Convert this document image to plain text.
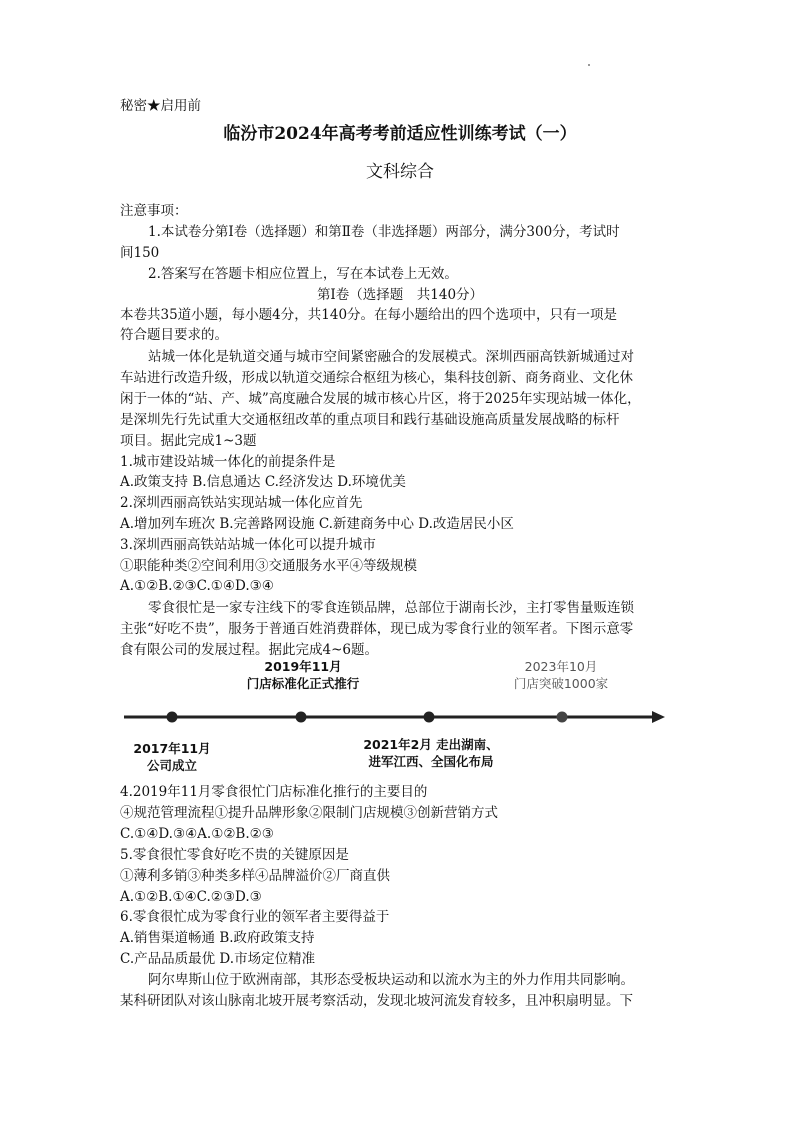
秘密★启用前
临汾市2024年高考考前适应性训练考试（一）
文科综合
注意事项：
1.本试卷分第Ⅰ卷（选择题）和第Ⅱ卷（非选择题）两部分，满分300分，考试时
间150
2.答案写在答题卡相应位置上，写在本试卷上无效。
第Ⅰ卷（选择题　共140分）
本卷共35道小题，每小题4分，共140分。在每小题给出的四个选项中，只有一项是
符合题目要求的。
站城一体化是轨道交通与城市空间紧密融合的发展模式。深圳西丽高铁新城通过对
车站进行改造升级，形成以轨道交通综合枢纽为核心，集科技创新、商务商业、文化休
闲于一体的“站、产、城”高度融合发展的城市核心片区，将于2025年实现站城一体化，
是深圳先行先试重大交通枢纽改革的重点项目和践行基础设施高质量发展战略的标杆
项目。据此完成1~3题
1.城市建设站城一体化的前提条件是
A.政策支持 B.信息通达 C.经济发达 D.环境优美
2.深圳西丽高铁站实现站城一体化应首先
A.增加列车班次 B.完善路网设施 C.新建商务中心 D.改造居民小区
3.深圳西丽高铁站站城一体化可以提升城市
①职能种类②空间利用③交通服务水平④等级规模
A.①②B.②③C.①④D.③④
零食很忙是一家专注线下的零食连锁品牌，总部位于湖南长沙，主打零售量贩连锁
主张“好吃不贵”，服务于普通百姓消费群体，现已成为零食行业的领军者。下图示意零
食有限公司的发展过程。据此完成4~6题。
2019年11月
门店标准化正式推行
2023年10月
门店突破1000家
2017年11月
公司成立
2021年2月 走出湖南、
进军江西、全国化布局
4.2019年11月零食很忙门店标准化推行的主要目的
④规范管理流程①提升品牌形象②限制门店规模③创新营销方式
C.①④D.③④A.①②B.②③
5.零食很忙零食好吃不贵的关键原因是
①薄利多销③种类多样④品牌溢价②厂商直供
A.①②B.①④C.②③D.③
6.零食很忙成为零食行业的领军者主要得益于
A.销售渠道畅通 B.政府政策支持
C.产品品质最优 D.市场定位精准
阿尔卑斯山位于欧洲南部，其形态受板块运动和以流水为主的外力作用共同影响。
某科研团队对该山脉南北坡开展考察活动，发现北坡河流发育较多，且冲积扇明显。下
